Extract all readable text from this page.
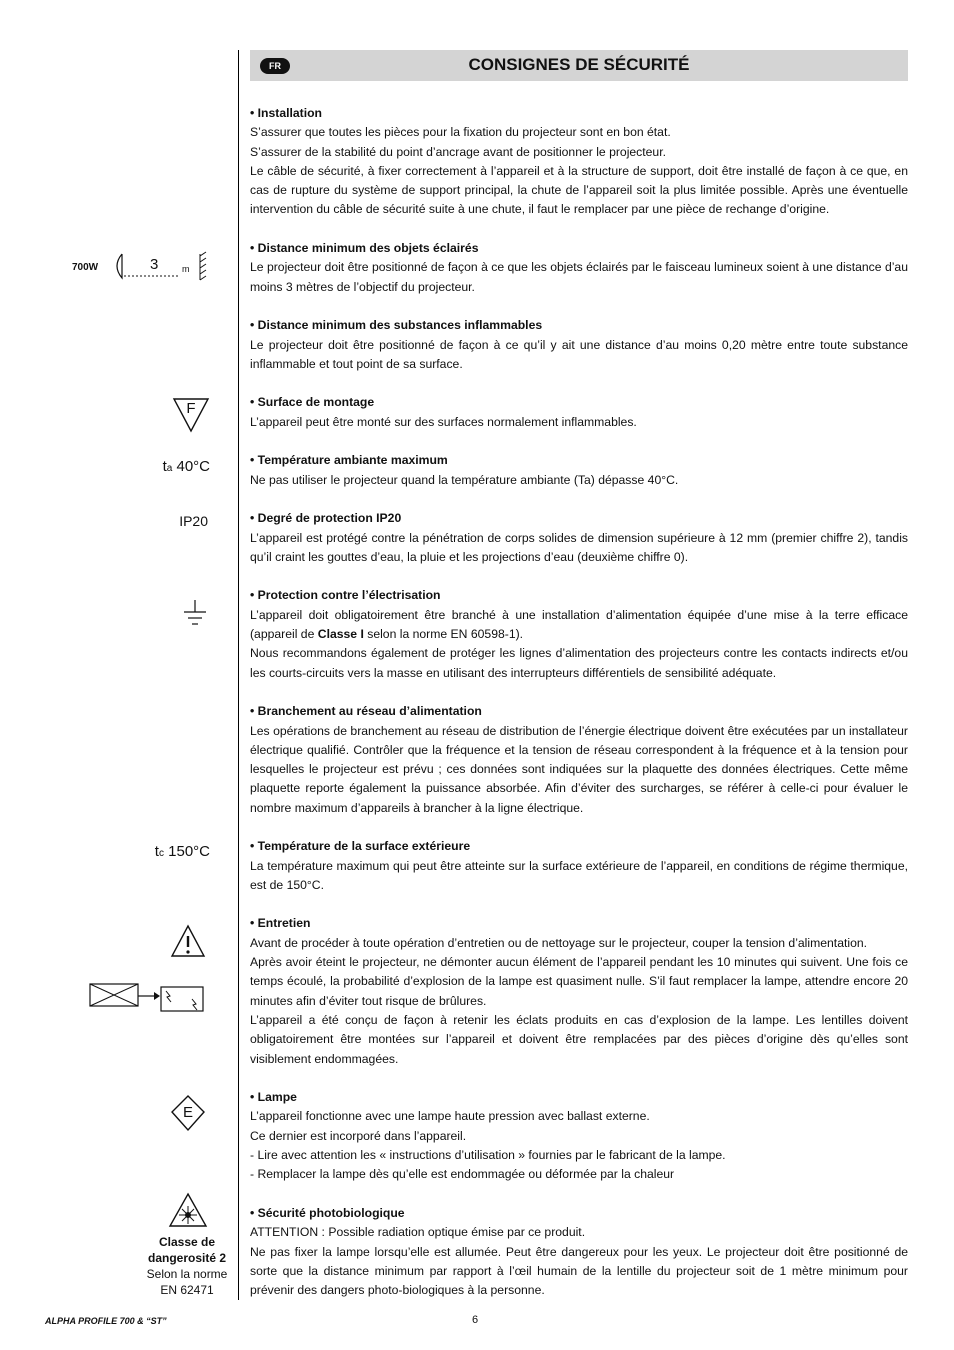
FR	CONSIGNES DE SÉCURITÉ
• Installation

S’assurer que toutes les pièces pour la fixation du projecteur sont en bon état.

S’assurer de la stabilité du point d’ancrage avant de positionner le projecteur.

Le câble de sécurité, à fixer correctement à l’appareil et à la structure de support, doit être installé de façon à ce que, en cas de rupture du système de support principal, la chute de l’appareil soit la plus limitée possible. Après une éventuelle intervention du câble de sécurité suite à une chute, il faut le remplacer par une pièce de rechange d’origine.

• Distance minimum des objets éclairés

Le projecteur doit être positionné de façon à ce que les objets éclairés par le faisceau lumineux soient à une distance d’au moins 3 mètres de l’objectif du projecteur.

• Distance minimum des substances inflammables

Le projecteur doit être positionné de façon à ce qu’il y ait une distance d’au moins 0,20 mètre entre toute substance inflammable et tout point de sa surface.

• Surface de montage

L’appareil peut être monté sur des surfaces normalement inflammables.

• Température ambiante maximum

Ne pas utiliser le projecteur quand la température ambiante (Ta) dépasse 40°C.

• Degré de protection IP20

L’appareil est protégé contre la pénétration de corps solides de dimension supérieure à 12 mm (premier chiffre 2), tandis qu’il craint les gouttes d’eau, la pluie et les projections d’eau (deuxième chiffre 0).

• Protection contre l’électrisation

L’appareil doit obligatoirement être branché à une installation d’alimentation équipée d’une mise à la terre efficace (appareil de Classe I selon la norme EN 60598-1).

Nous recommandons également de protéger les lignes d’alimentation des projecteurs contre les contacts indirects et/ou les courts-circuits vers la masse en utilisant des interrupteurs différentiels de sensibilité adéquate.

• Branchement au réseau d’alimentation

Les opérations de branchement au réseau de distribution de l’énergie électrique doivent être exécutées par un installateur électrique qualifié. Contrôler que la fréquence et la tension de réseau correspondent à la fréquence et à la tension pour lesquelles le projecteur est prévu ; ces données sont indiquées sur la plaquette des données électriques. Cette même plaquette reporte également la puissance absorbée. Afin d’éviter des surcharges, se référer à celle-ci pour évaluer le nombre maximum d’appareils à brancher à la ligne électrique.

• Température de la surface extérieure

La température maximum qui peut être atteinte sur la surface extérieure de l’appareil, en conditions de régime thermique, est de 150°C.

• Entretien

Avant de procéder à toute opération d’entretien ou de nettoyage sur le projecteur, couper la tension d’alimentation.

Après avoir éteint le projecteur, ne démonter aucun élément de l’appareil pendant les 10 minutes qui suivent. Une fois ce temps écoulé, la probabilité d’explosion de la lampe est quasiment nulle. S’il faut remplacer la lampe, attendre encore 20 minutes afin d’éviter tout risque de brûlures.

L’appareil a été conçu de façon à retenir les éclats produits en cas d’explosion de la lampe. Les lentilles doivent obligatoirement être montées sur l’appareil et doivent être remplacées par des pièces d’origine dès qu’elles sont visiblement endommagées.

• Lampe

L’appareil fonctionne avec une lampe haute pression avec ballast externe.

Ce dernier est incorporé dans l’appareil.

- Lire avec attention les « instructions d’utilisation » fournies par le fabricant de la lampe.

- Remplacer la lampe dès qu’elle est endommagée ou déformée par la chaleur

• Sécurité photobiologique

ATTENTION : Possible radiation optique émise par ce produit.

Ne pas fixer la lampe lorsqu’elle est allumée. Peut être dangereux pour les yeux. Le projecteur doit être positionné de sorte que la distance minimum par rapport à l’œil humain de la lentille du projecteur soit de 1 mètre minimum pour prévenir des dangers photo-biologiques à la personne.

700W	3	m
F
ta 40°C
IP20
tc 150°C
E
Classe de
dangerosité 2
Selon la norme
EN 62471
ALPHA PROFILE 700 & “ST”	6
